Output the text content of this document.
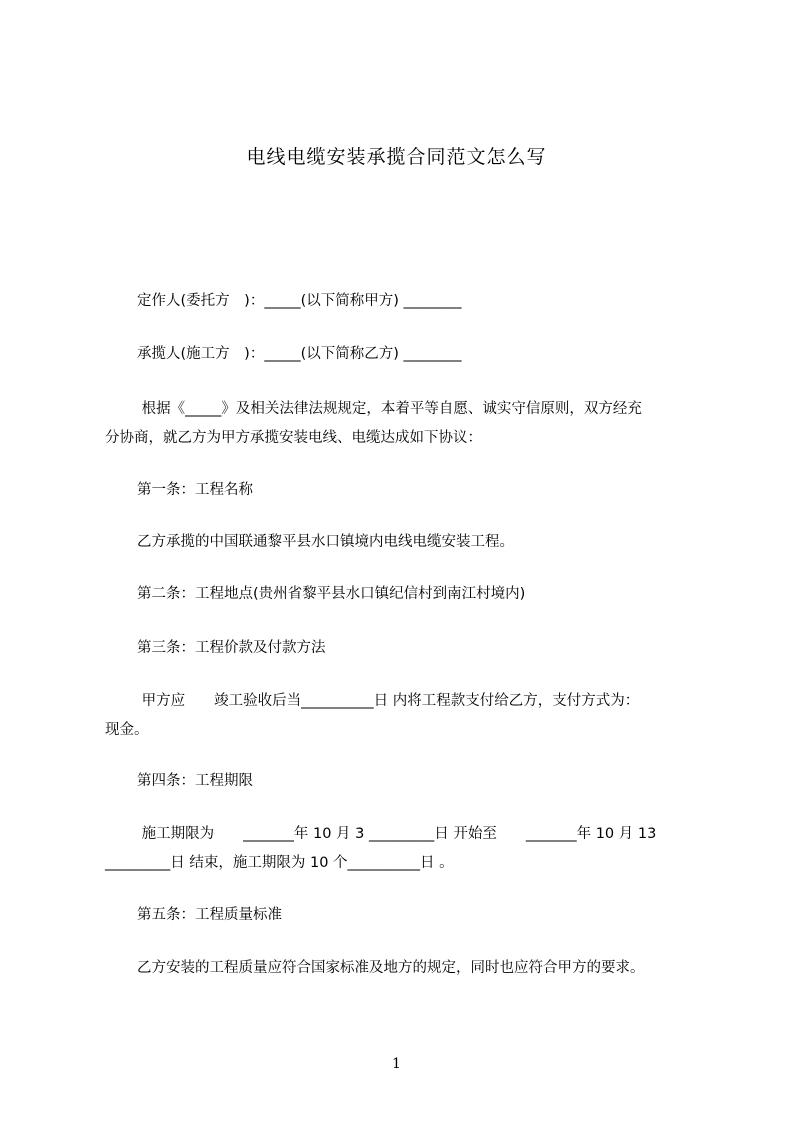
电线电缆安装承揽合同范文怎么写
定作人(委托方　)：_____(以下简称甲方) ________
承揽人(施工方　)：_____(以下简称乙方) ________
根据《_____》及相关法律法规规定，本着平等自愿、诚实守信原则，双方经充
分协商，就乙方为甲方承揽安装电线、电缆达成如下协议：
第一条：工程名称
乙方承揽的中国联通黎平县水口镇境内电线电缆安装工程。
第二条：工程地点(贵州省黎平县水口镇纪信村到南江村境内)
第三条：工程价款及付款方法
甲方应　　竣工验收后当__________日 内将工程款支付给乙方，支付方式为：
现金。
第四条：工程期限
施工期限为　　_______年 10 月 3 _________日 开始至　　_______年 10 月 13
_________日 结束，施工期限为 10 个__________日 。
第五条：工程质量标准
乙方安装的工程质量应符合国家标准及地方的规定，同时也应符合甲方的要求。
1
